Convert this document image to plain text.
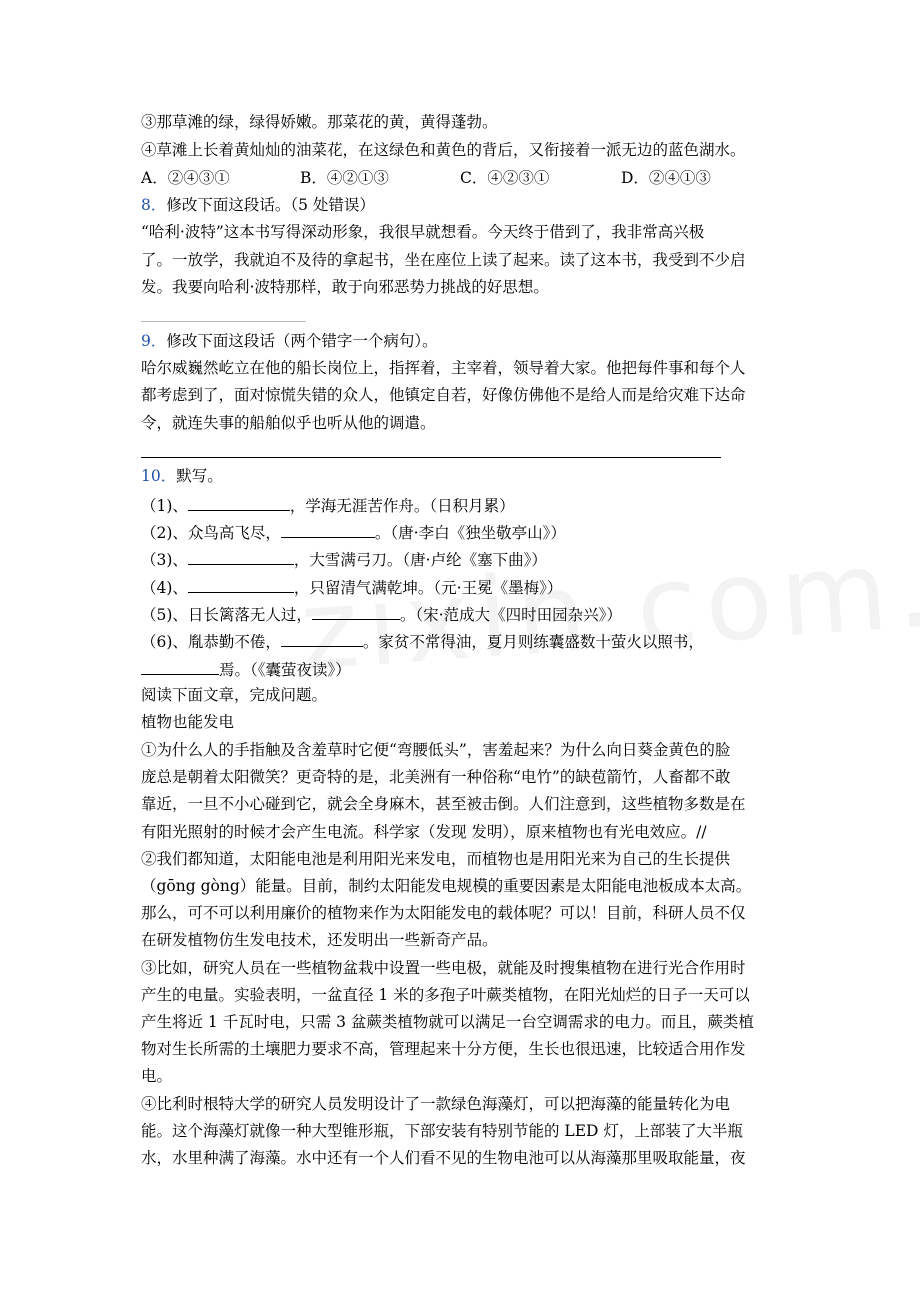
③那草滩的绿，绿得娇嫩。那菜花的黄，黄得蓬勃。
④草滩上长着黄灿灿的油菜花，在这绿色和黄色的背后，又衔接着一派无边的蓝色湖水。
A．②④③①	B．④②①③	C．④②③①	D．②④①③
8．修改下面这段话。（5 处错误）
“哈利·波特”这本书写得深动形象，我很早就想看。今天终于借到了，我非常高兴极
了。一放学，我就迫不及待的拿起书，坐在座位上读了起来。读了这本书，我受到不少启
发。我要向哈利·波特那样，敢于向邪恶势力挑战的好思想。
9．修改下面这段话（两个错字一个病句）。
哈尔威巍然屹立在他的船长岗位上，指挥着，主宰着，领导着大家。他把每件事和每个人
都考虑到了，面对惊慌失错的众人，他镇定自若，好像仿佛他不是给人而是给灾难下达命
令，就连失事的船舶似乎也听从他的调遣。
10．默写。
（1)、	，学海无涯苦作舟。（日积月累）
（2)、众鸟高飞尽，	。（唐·李白《独坐敬亭山》）
（3)、	，大雪满弓刀。（唐·卢纶《塞下曲》）
（4)、	，只留清气满乾坤。（元·王冕《墨梅》）
（5)、日长篱落无人过，	。（宋·范成大《四时田园杂兴》）
（6)、胤恭勤不倦，	。家贫不常得油，夏月则练囊盛数十萤火以照书，
焉。（《囊萤夜读》）
阅读下面文章，完成问题。
植物也能发电
①为什么人的手指触及含羞草时它便“弯腰低头”，害羞起来？为什么向日葵金黄色的脸
庞总是朝着太阳微笑？更奇特的是，北美洲有一种俗称“电竹”的缺苞箭竹，人畜都不敢
靠近，一旦不小心碰到它，就会全身麻木，甚至被击倒。人们注意到，这些植物多数是在
有阳光照射的时候才会产生电流。科学家（发现 发明），原来植物也有光电效应。//
②我们都知道，太阳能电池是利用阳光来发电，而植物也是用阳光来为自己的生长提供
（gōng gòng）能量。目前，制约太阳能发电规模的重要因素是太阳能电池板成本太高。
那么，可不可以利用廉价的植物来作为太阳能发电的载体呢？可以！目前，科研人员不仅
在研发植物仿生发电技术，还发明出一些新奇产品。
③比如，研究人员在一些植物盆栽中设置一些电极，就能及时搜集植物在进行光合作用时
产生的电量。实验表明，一盆直径 1 米的多孢子叶蕨类植物，在阳光灿烂的日子一天可以
产生将近 1 千瓦时电，只需 3 盆蕨类植物就可以满足一台空调需求的电力。而且，蕨类植
物对生长所需的土壤肥力要求不高，管理起来十分方便，生长也很迅速，比较适合用作发
电。
④比利时根特大学的研究人员发明设计了一款绿色海藻灯，可以把海藻的能量转化为电
能。这个海藻灯就像一种大型锥形瓶，下部安装有特别节能的 LED 灯，上部装了大半瓶
水，水里种满了海藻。水中还有一个人们看不见的生物电池可以从海藻那里吸取能量，夜
